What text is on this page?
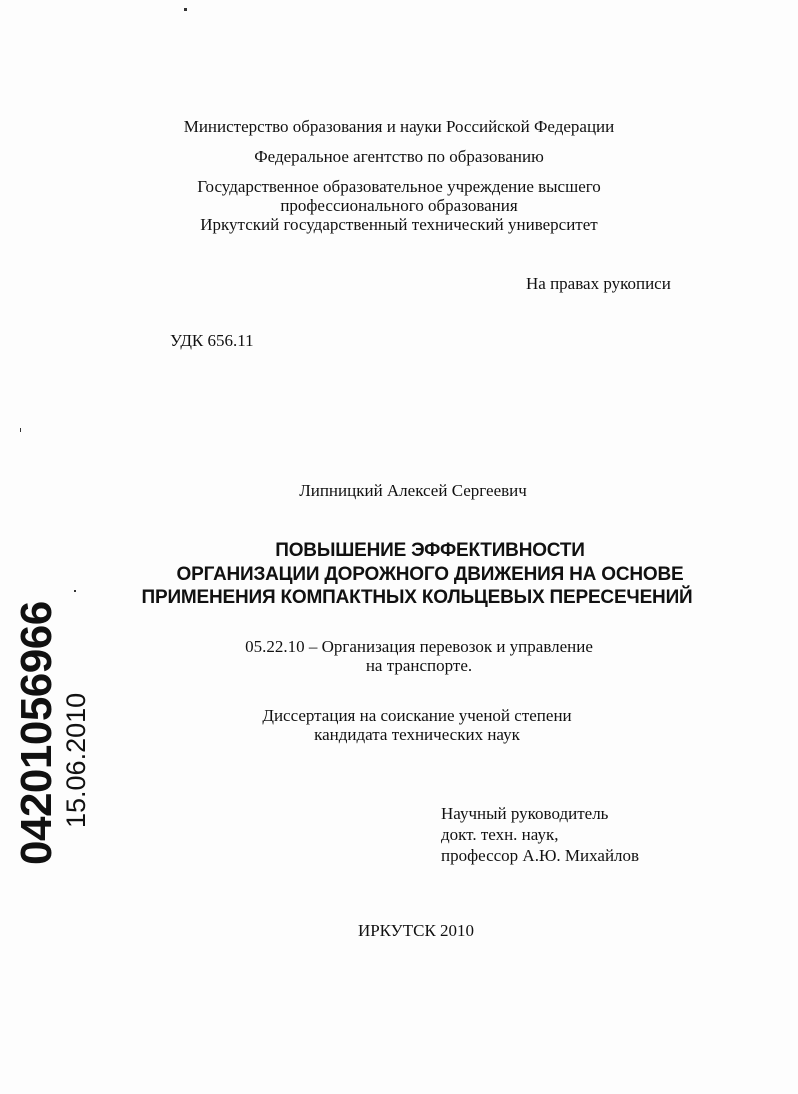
Министерство образования и науки Российской Федерации
Федеральное агентство по образованию
Государственное образовательное учреждение высшего
профессионального образования
Иркутский государственный технический университет
На правах рукописи
УДК 656.11
Липницкий Алексей Сергеевич
ПОВЫШЕНИЕ ЭФФЕКТИВНОСТИ
ОРГАНИЗАЦИИ ДОРОЖНОГО ДВИЖЕНИЯ НА ОСНОВЕ
ПРИМЕНЕНИЯ КОМПАКТНЫХ КОЛЬЦЕВЫХ ПЕРЕСЕЧЕНИЙ
05.22.10 – Организация перевозок и управление
на транспорте.
Диссертация на соискание ученой степени
кандидата технических наук
Научный руководитель
докт. техн. наук,
профессор А.Ю. Михайлов
ИРКУТСК 2010
04201056966 15.06.2010
